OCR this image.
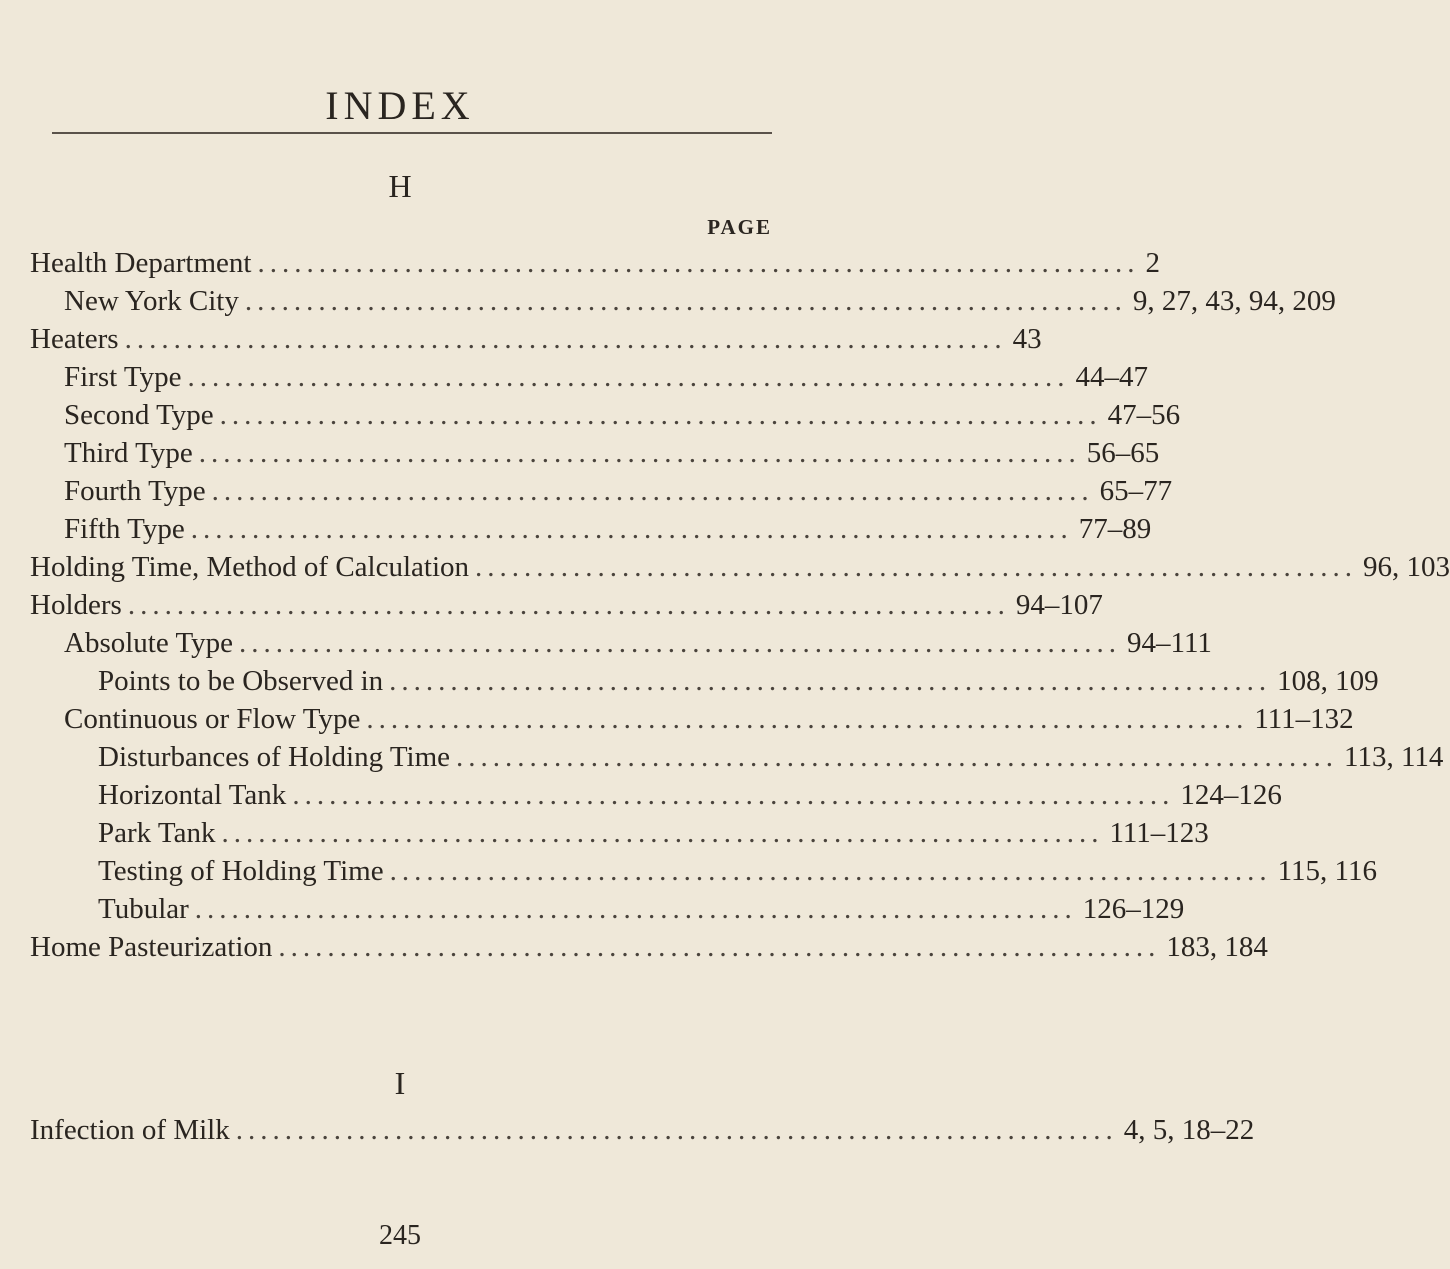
INDEX
H
PAGE
Health Department ........................................................................ 2
New York City ........................................................................ 9, 27, 43, 94, 209
Heaters ........................................................................ 43
First Type ........................................................................ 44–47
Second Type ........................................................................ 47–56
Third Type ........................................................................ 56–65
Fourth Type ........................................................................ 65–77
Fifth Type ........................................................................ 77–89
Holding Time, Method of Calculation ........................................................................ 96, 103
Holders ........................................................................ 94–107
Absolute Type ........................................................................ 94–111
Points to be Observed in ........................................................................ 108, 109
Continuous or Flow Type ........................................................................ 111–132
Disturbances of Holding Time ........................................................................ 113, 114
Horizontal Tank ........................................................................ 124–126
Park Tank ........................................................................ 111–123
Testing of Holding Time ........................................................................ 115, 116
Tubular ........................................................................ 126–129
Home Pasteurization ........................................................................ 183, 184
I
Infection of Milk ........................................................................ 4, 5, 18–22
245
